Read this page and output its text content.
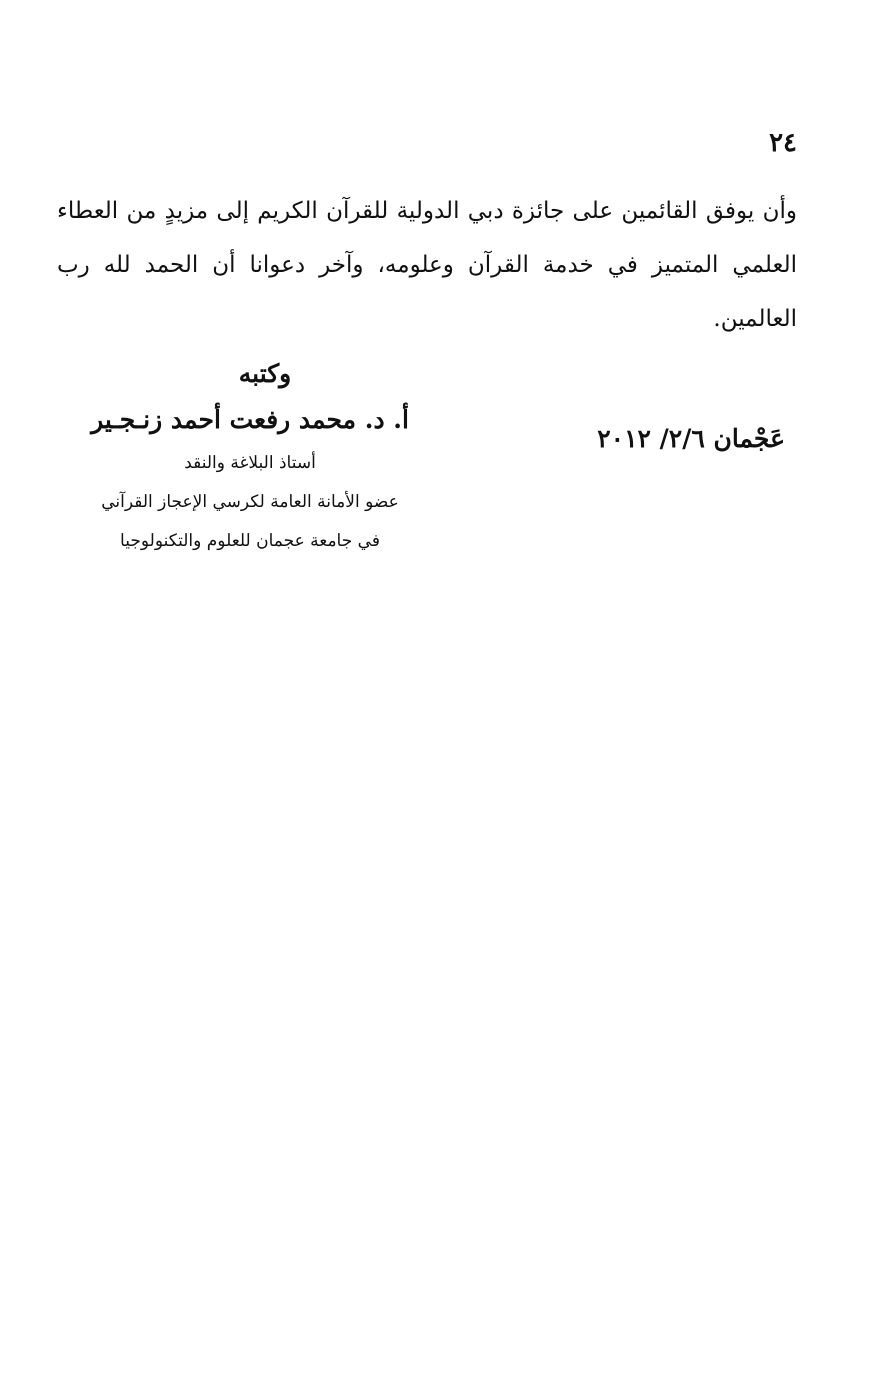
٢٤

وأن يوفق القائمين على جائزة دبي الدولية للقرآن الكريم إلى مزيدٍ من العطاء العلمي المتميز في خدمة القرآن وعلومه، وآخر دعوانا أن الحمد لله رب العالمين.

وكتبه

أ. د. محمد رفعت أحمد زنـجـير

أستاذ البلاغة والنقد

عضو الأمانة العامة لكرسي الإعجاز القرآني

في جامعة عجمان للعلوم والتكنولوجيا

عَجْمان ٢/٦/ ٢٠١٢
